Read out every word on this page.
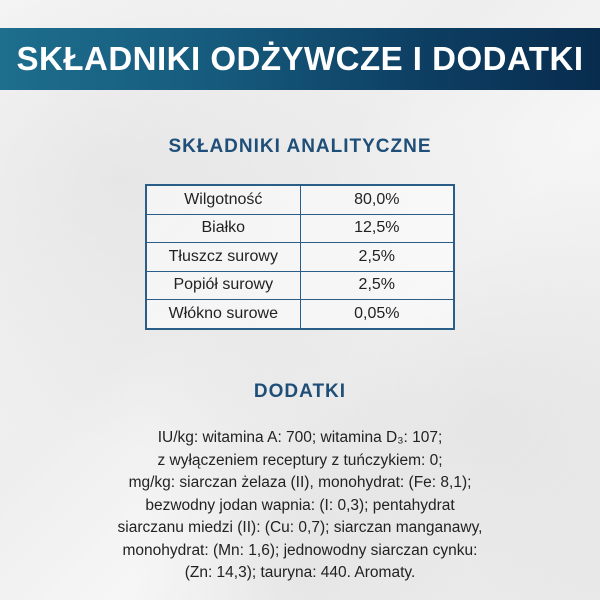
SKŁADNIKI ODŻYWCZE I DODATKI
SKŁADNIKI ANALITYCZNE
Wilgotność	80,0%
Białko	12,5%
Tłuszcz surowy	2,5%
Popiół surowy	2,5%
Włókno surowe	0,05%
DODATKI
IU/kg: witamina A: 700; witamina D₃: 107;
z wyłączeniem receptury z tuńczykiem: 0;
mg/kg: siarczan żelaza (II), monohydrat: (Fe: 8,1);
bezwodny jodan wapnia: (I: 0,3); pentahydrat
siarczanu miedzi (II): (Cu: 0,7); siarczan manganawy,
monohydrat: (Mn: 1,6); jednowodny siarczan cynku:
(Zn: 14,3); tauryna: 440. Aromaty.
